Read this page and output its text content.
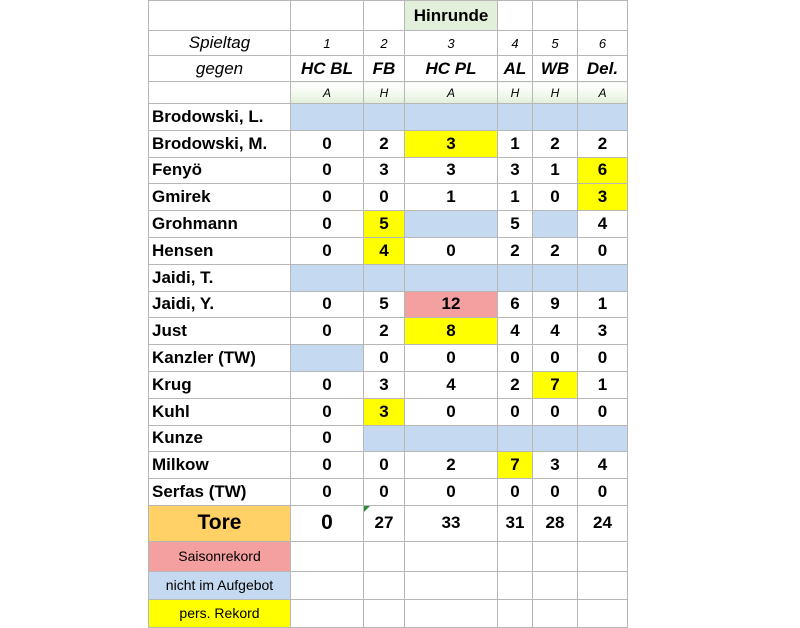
			Hinrunde			
Spieltag	1	2	3	4	5	6
gegen	HC BL	FB	HC PL	AL	WB	Del.
	A	H	A	H	H	A
Brodowski, L.						
Brodowski, M.	0	2	3	1	2	2
Fenyö	0	3	3	3	1	6
Gmirek	0	0	1	1	0	3
Grohmann	0	5		5		4
Hensen	0	4	0	2	2	0
Jaidi, T.						
Jaidi, Y.	0	5	12	6	9	1
Just	0	2	8	4	4	3
Kanzler (TW)		0	0	0	0	0
Krug	0	3	4	2	7	1
Kuhl	0	3	0	0	0	0
Kunze	0					
Milkow	0	0	2	7	3	4
Serfas (TW)	0	0	0	0	0	0
Tore	0	27	33	31	28	24
Saisonrekord						
nicht im Aufgebot						
pers. Rekord						
